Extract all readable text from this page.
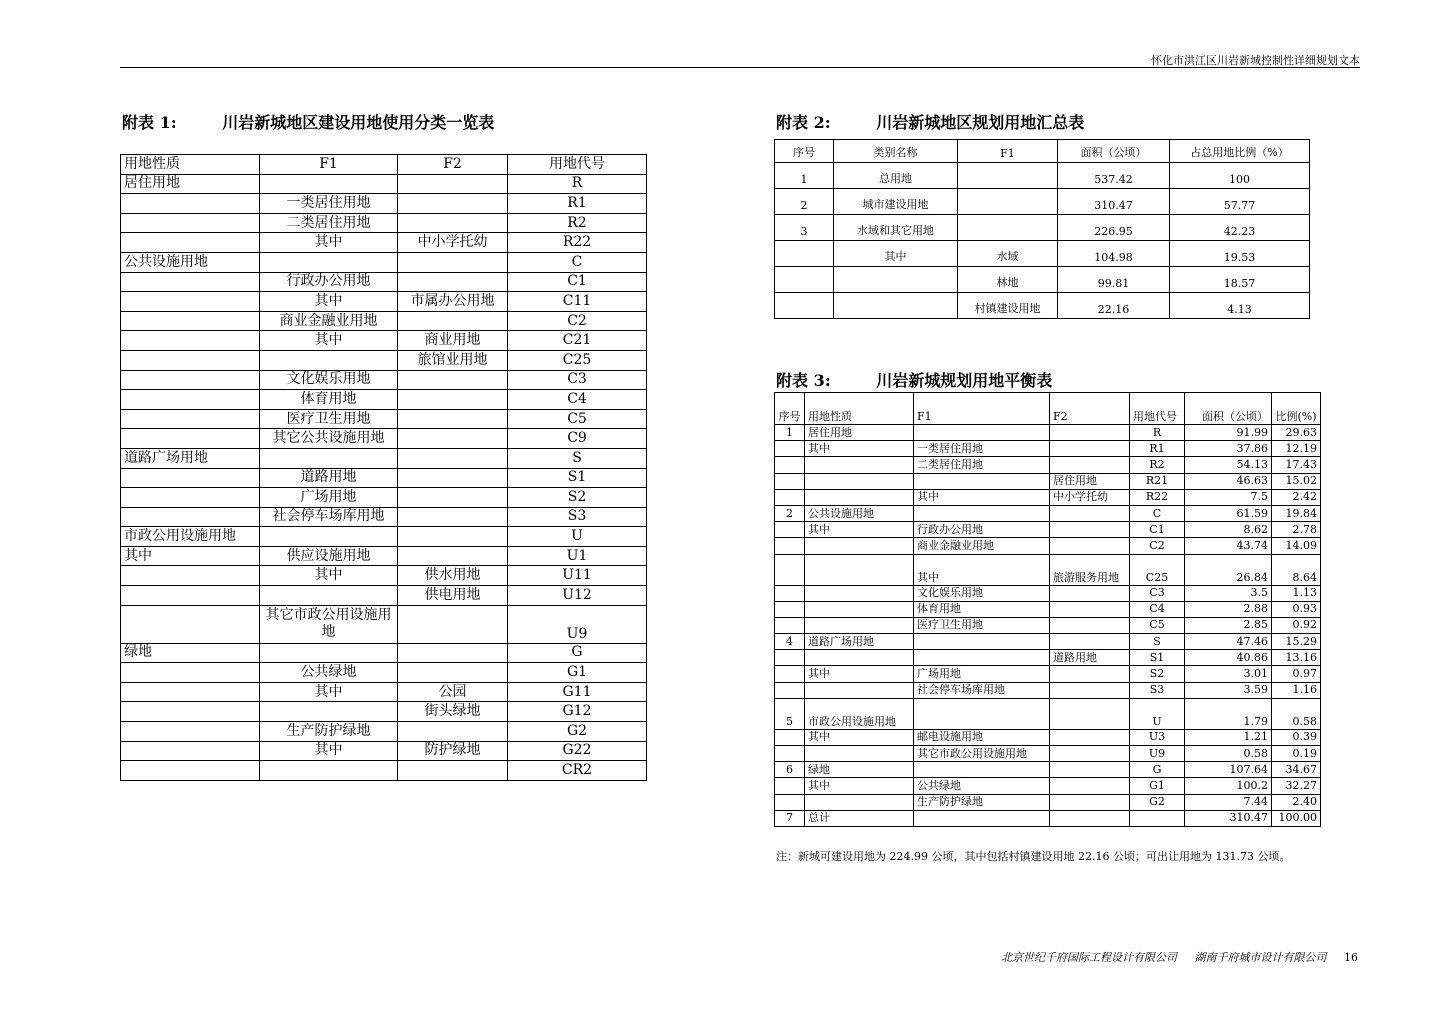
怀化市洪江区川岩新城控制性详细规划文本
附表 1:	川岩新城地区建设用地使用分类一览表
用地性质	F1	F2	用地代号
居住用地			R
	一类居住用地		R1
	二类居住用地		R2
	其中	中小学托幼	R22
公共设施用地			C
	行政办公用地		C1
	其中	市属办公用地	C11
	商业金融业用地		C2
	其中	商业用地	C21
		旅馆业用地	C25
	文化娱乐用地		C3
	体育用地		C4
	医疗卫生用地		C5
	其它公共设施用地		C9
道路广场用地			S
	道路用地		S1
	广场用地		S2
	社会停车场库用地		S3
市政公用设施用地			U
其中	供应设施用地		U1
	其中	供水用地	U11
		供电用地	U12
	其它市政公用设施用地		U9
绿地			G
	公共绿地		G1
	其中	公园	G11
		街头绿地	G12
	生产防护绿地		G2
	其中	防护绿地	G22
			CR2
附表 2:	川岩新城地区规划用地汇总表
序号	类别名称	F1	面积（公顷）	占总用地比例（%）
1	总用地		537.42	100
2	城市建设用地		310.47	57.77
3	水域和其它用地		226.95	42.23
	其中	水域	104.98	19.53
		林地	99.81	18.57
		村镇建设用地	22.16	4.13
附表 3:	川岩新城规划用地平衡表
序号	用地性质	F1	F2	用地代号	面积（公顷）	比例(%)
1	居住用地			R	91.99	29.63
	其中	一类居住用地		R1	37.86	12.19
		二类居住用地		R2	54.13	17.43
			居住用地	R21	46.63	15.02
		其中	中小学托幼	R22	7.5	2.42
2	公共设施用地			C	61.59	19.84
	其中	行政办公用地		C1	8.62	2.78
		商业金融业用地		C2	43.74	14.09
		其中	旅游服务用地	C25	26.84	8.64
		文化娱乐用地		C3	3.5	1.13
		体育用地		C4	2.88	0.93
		医疗卫生用地		C5	2.85	0.92
4	道路广场用地			S	47.46	15.29
			道路用地	S1	40.86	13.16
	其中	广场用地		S2	3.01	0.97
		社会停车场库用地		S3	3.59	1.16
5	市政公用设施用地			U	1.79	0.58
	其中	邮电设施用地		U3	1.21	0.39
		其它市政公用设施用地		U9	0.58	0.19
6	绿地			G	107.64	34.67
	其中	公共绿地		G1	100.2	32.27
		生产防护绿地		G2	7.44	2.40
7	总计				310.47	100.00
注：新城可建设用地为 224.99 公顷，其中包括村镇建设用地 22.16 公顷；可出让用地为 131.73 公顷。
北京世纪千府国际工程设计有限公司 湖南千府城市设计有限公司 16
